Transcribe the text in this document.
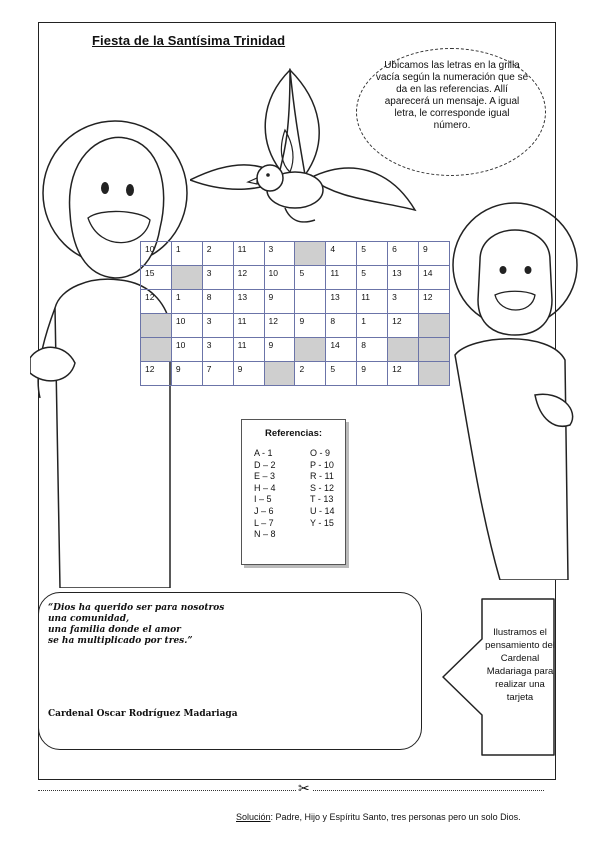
Fiesta de la Santísima Trinidad
Ubicamos las letras en la grilla vacía según la numeración que se da en las referencias. Allí aparecerá un mensaje. A igual letra, le corresponde igual número.
10	1	2	11	3		4	5	6	9
15		3	12	10	5	11	5	13	14
12	1	8	13	9		13	11	3	12
	10	3	11	12	9	8	1	12	
	10	3	11	9		14	8		
12	9	7	9		2	5	9	12	
Referencias:
A - 1
D – 2
E – 3
H – 4
I – 5
J – 6
L – 7
N – 8
O - 9
P - 10
R - 11
S - 12
T - 13
U - 14
Y - 15
“Dios ha querido ser para nosotros
una comunidad,
una familia donde el amor
se ha multiplicado por tres.”
Cardenal Oscar Rodríguez Madariaga
Ilustramos el pensamiento del Cardenal Madariaga para realizar una tarjeta
✂
Solución: Padre, Hijo y Espíritu Santo, tres personas pero un solo Dios.
